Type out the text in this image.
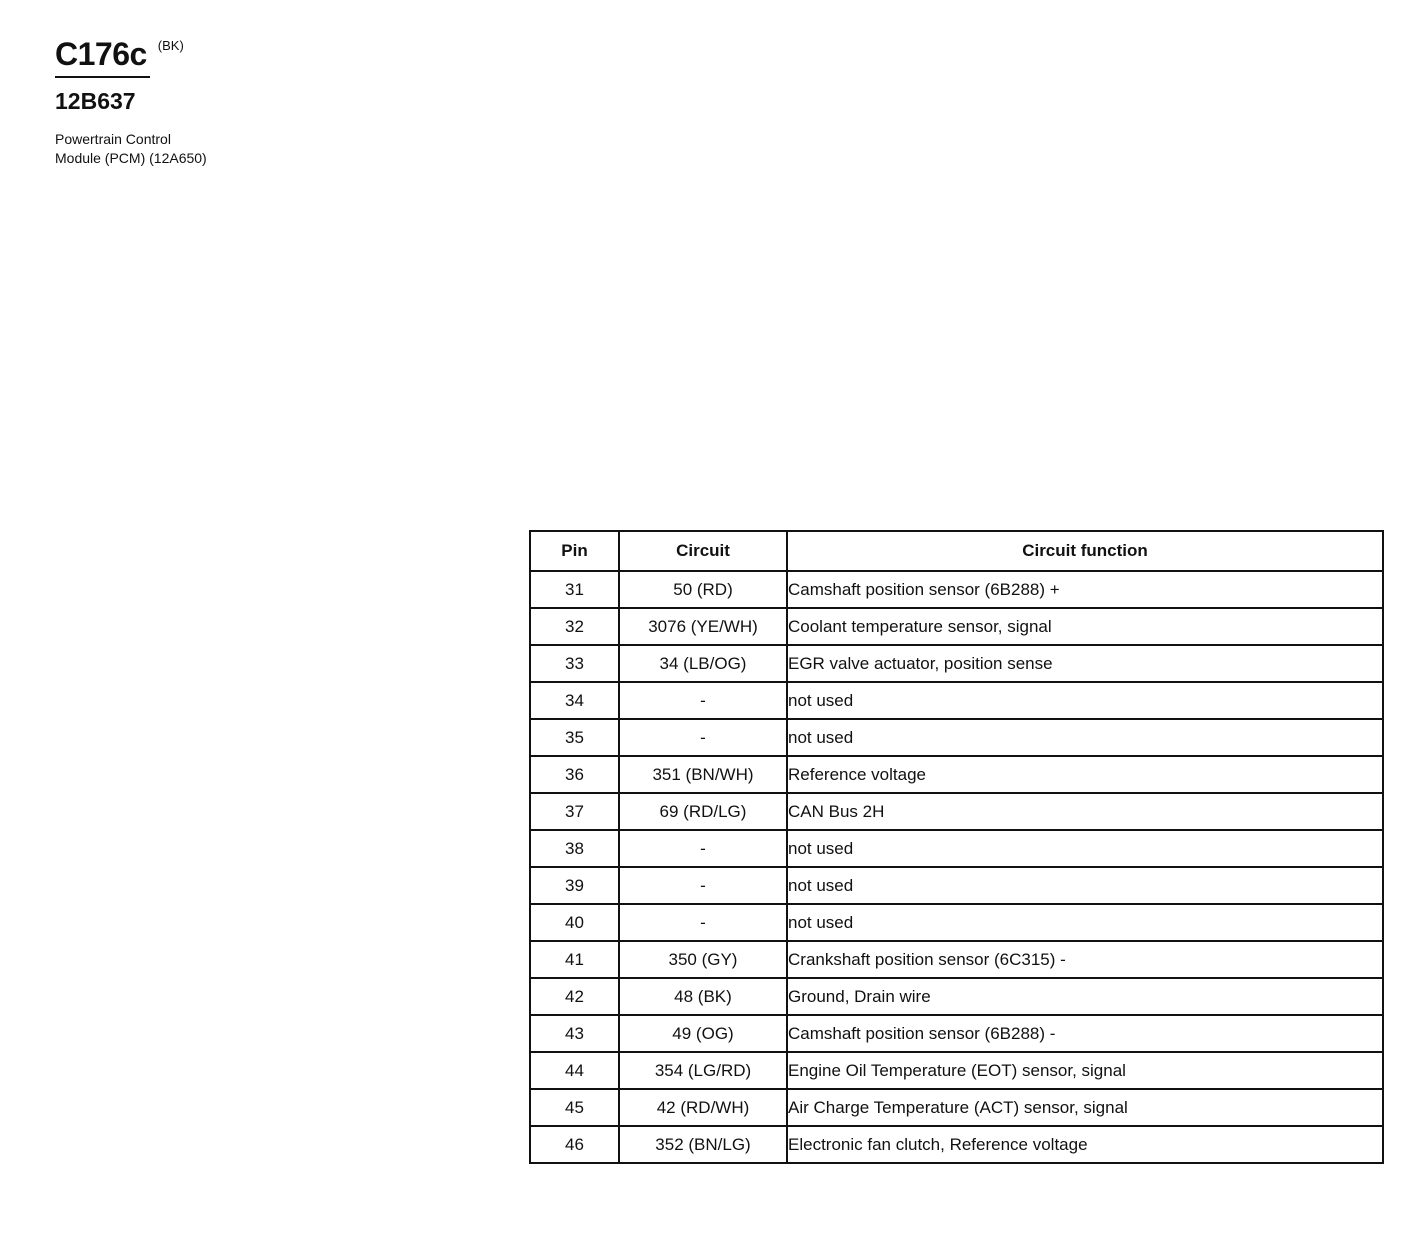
C176c (BK)
12B637
Powertrain Control
Module (PCM) (12A650)
Pin	Circuit	Circuit function
31	50 (RD)	Camshaft position sensor (6B288) +
32	3076 (YE/WH)	Coolant temperature sensor, signal
33	34 (LB/OG)	EGR valve actuator, position sense
34	-	not used
35	-	not used
36	351 (BN/WH)	Reference voltage
37	69 (RD/LG)	CAN Bus 2H
38	-	not used
39	-	not used
40	-	not used
41	350 (GY)	Crankshaft position sensor (6C315) -
42	48 (BK)	Ground, Drain wire
43	49 (OG)	Camshaft position sensor (6B288) -
44	354 (LG/RD)	Engine Oil Temperature (EOT) sensor, signal
45	42 (RD/WH)	Air Charge Temperature (ACT) sensor, signal
46	352 (BN/LG)	Electronic fan clutch, Reference voltage
